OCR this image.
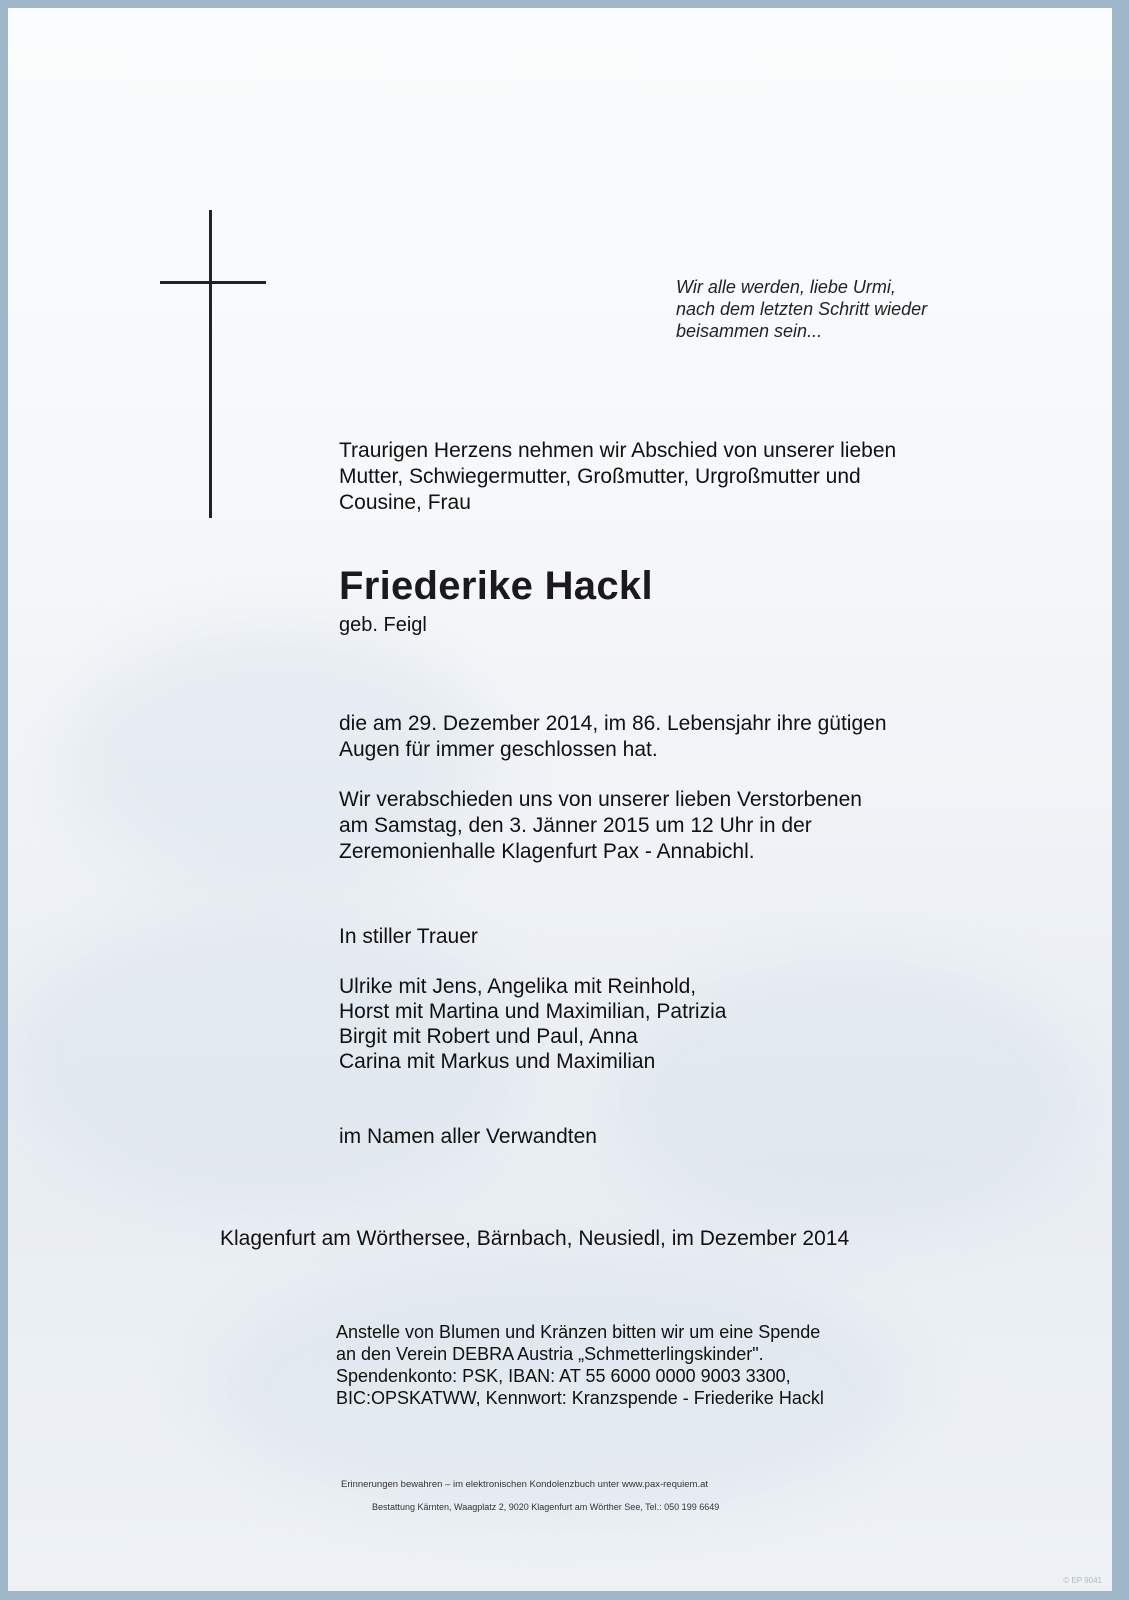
Wir alle werden, liebe Urmi,
nach dem letzten Schritt wieder
beisammen sein...
Traurigen Herzens nehmen wir Abschied von unserer lieben
Mutter, Schwiegermutter, Großmutter, Urgroßmutter und
Cousine, Frau
Friederike Hackl
geb. Feigl
die am 29. Dezember 2014, im 86. Lebensjahr ihre gütigen
Augen für immer geschlossen hat.
Wir verabschieden uns von unserer lieben Verstorbenen
am Samstag, den 3. Jänner 2015 um 12 Uhr in der
Zeremonienhalle Klagenfurt Pax - Annabichl.
In stiller Trauer
Ulrike mit Jens, Angelika mit Reinhold,
Horst mit Martina und Maximilian, Patrizia
Birgit mit Robert und Paul, Anna
Carina mit Markus und Maximilian
im Namen aller Verwandten
Klagenfurt am Wörthersee, Bärnbach, Neusiedl, im Dezember 2014
Anstelle von Blumen und Kränzen bitten wir um eine Spende
an den Verein DEBRA Austria „Schmetterlingskinder".
Spendenkonto: PSK, IBAN: AT 55 6000 0000 9003 3300,
BIC:OPSKATWW, Kennwort: Kranzspende - Friederike Hackl
Erinnerungen bewahren – im elektronischen Kondolenzbuch unter www.pax-requiem.at
Bestattung Kärnten, Waagplatz 2, 9020 Klagenfurt am Wörther See, Tel.: 050 199 6649
© EP 9041
